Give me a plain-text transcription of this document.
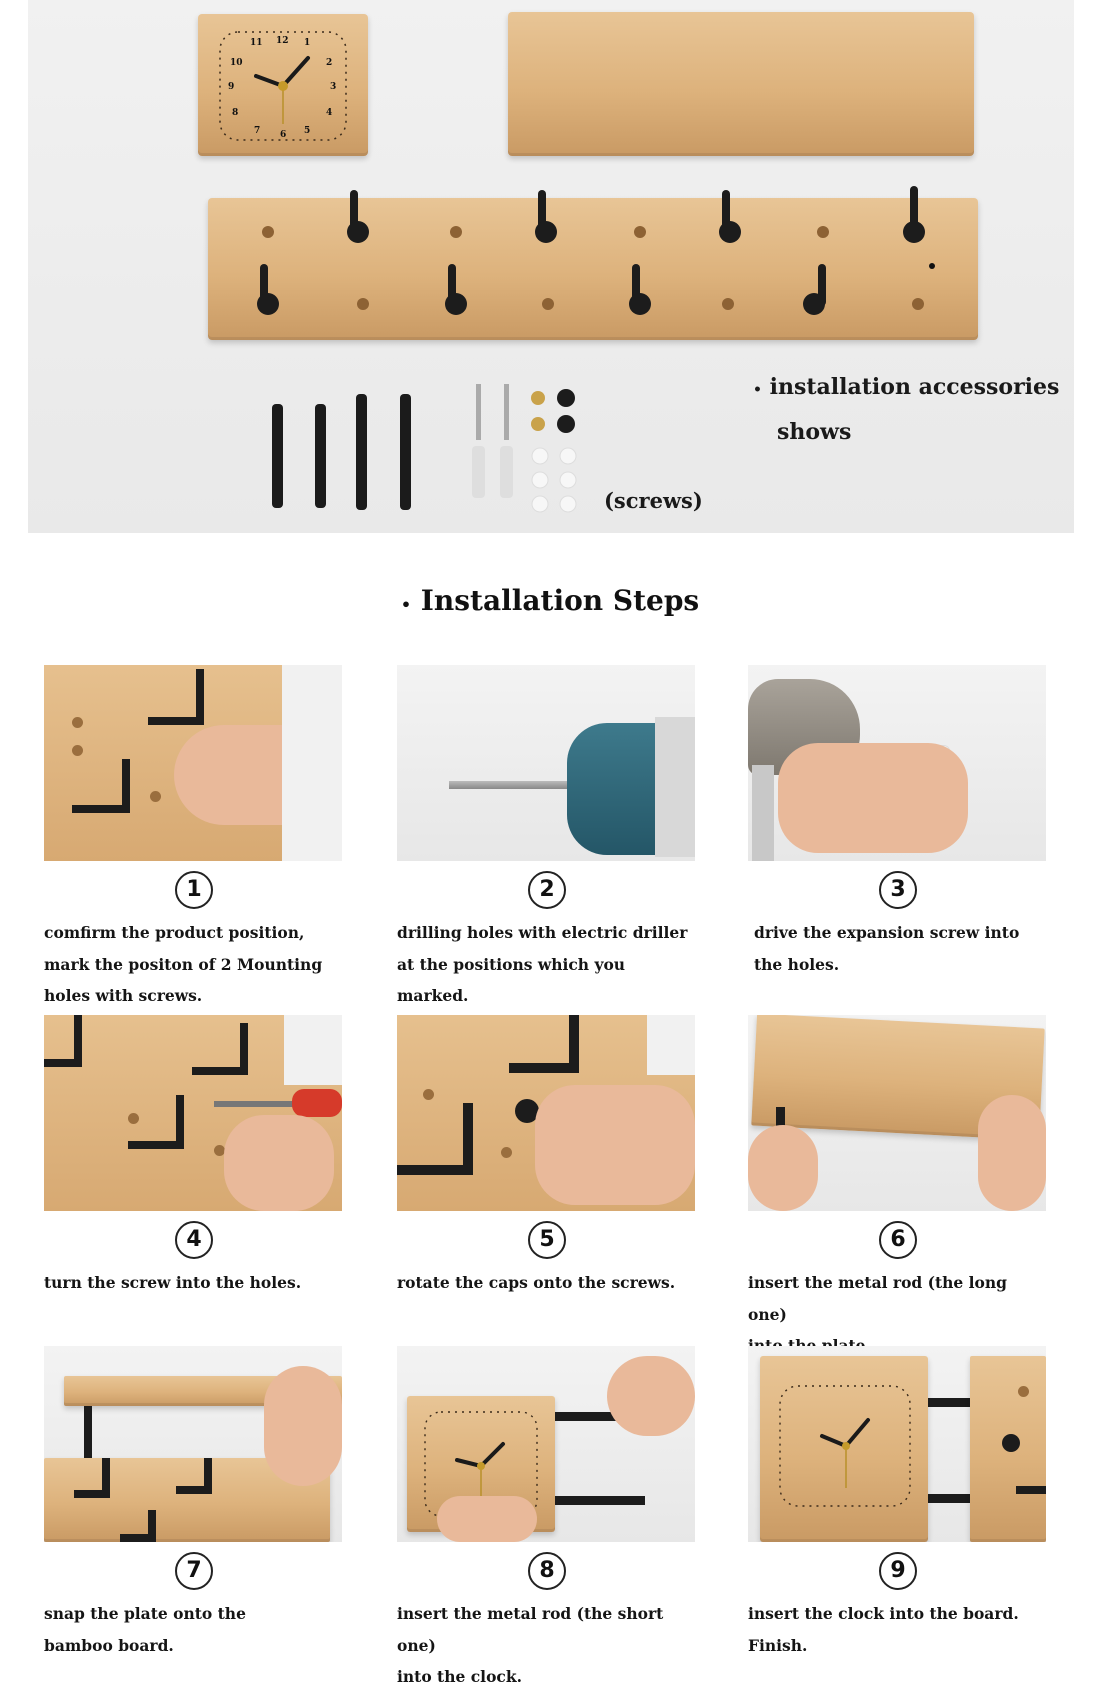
11 12 1
2
3
4
5
6
7
8
9
10
• installation accessories
shows
(screws)
• Installation Steps
1
comfirm the product position,
mark the positon of 2 Mounting
holes with screws.
2
drilling holes with electric driller
at the positions which you marked.
3
drive the expansion screw into
the holes.
4
turn the screw into the holes.
5
rotate the caps onto the screws.
6
insert the metal rod (the long one)

7
snap the plate onto the
bamboo board.
8
insert the metal rod (the short one)
into the clock.
9
insert the clock into the board.
Finish.
